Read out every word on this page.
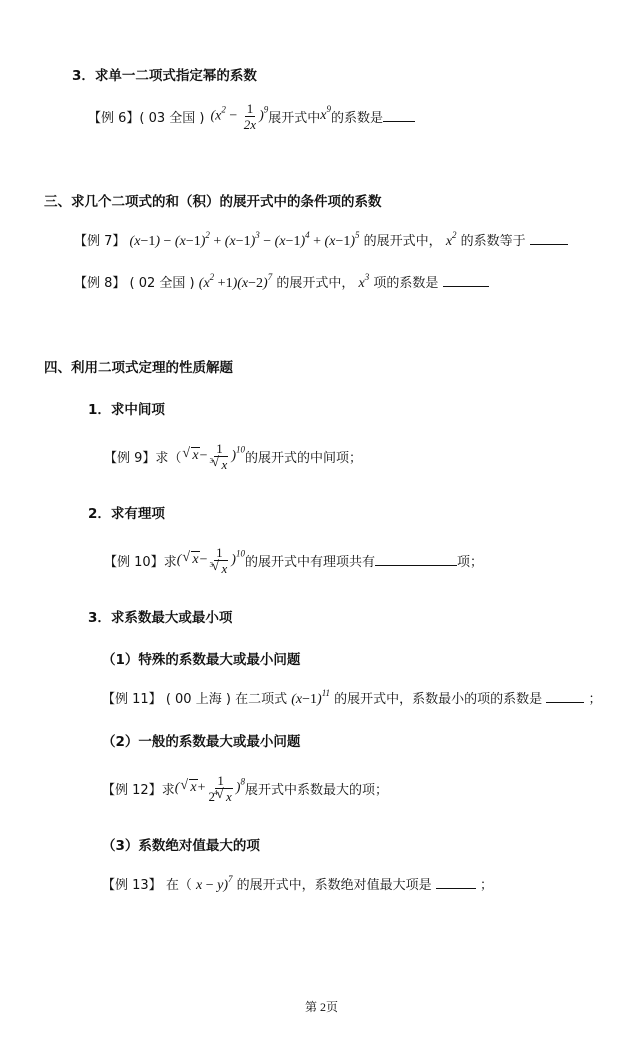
3．求单一二项式指定幂的系数
【例 6】 ( 03 全国 ) $(x^2 - \frac{1}{2x} )^9$
展开式中 $x^9$
的系数是
三、求几个二项式的和（积）的展开式中的条件项的系数
【例 7】 $(x-1) - (x-1)^2 + (x-1)^3 - (x-1)^4 + (x-1)^5$ 的展开式中， $x^2$ 的系数等于
【例 8】 ( 02 全国 ) $(x^2 +1)(x-2)^7$ 的展开式中， $x^3$ 项的系数是
四、利用二项式定理的性质解题
1．求中间项
【例 9】 求（
√ x− 1
√ 3 x )$^{10}$
的展开式的中间项；
2．求有理项
【例 10】 求 (√ x− 1
√ 3 x )$^{10}$
的展开式中有理项共有	项；
3．求系数最大或最小项
（1）特殊的系数最大或最小问题
【例 11】 ( 00 上海 ) 在二项式 $(x-1)^{11}$ 的展开式中，系数最小的项的系数是	；
（2）一般的系数最大或最小问题
【例 12】 求 (√ x+ 1
2
√ 4 x )$^8$
展开式中系数最大的项；
（3）系数绝对值最大的项
【例 13】 在（ x − y)$^7$ 的展开式中，系数绝对值最大项是	；
第 2页
